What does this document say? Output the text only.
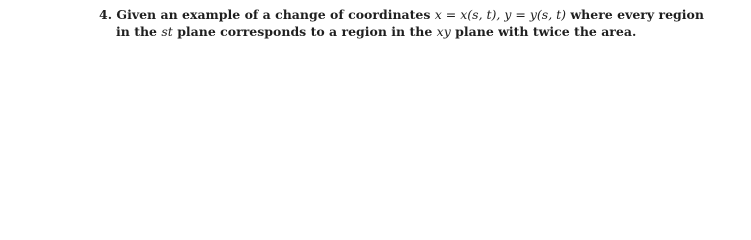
4. Given an example of a change of coordinates x = x(s, t), y = y(s, t) where every region
in the st plane corresponds to a region in the xy plane with twice the area.
